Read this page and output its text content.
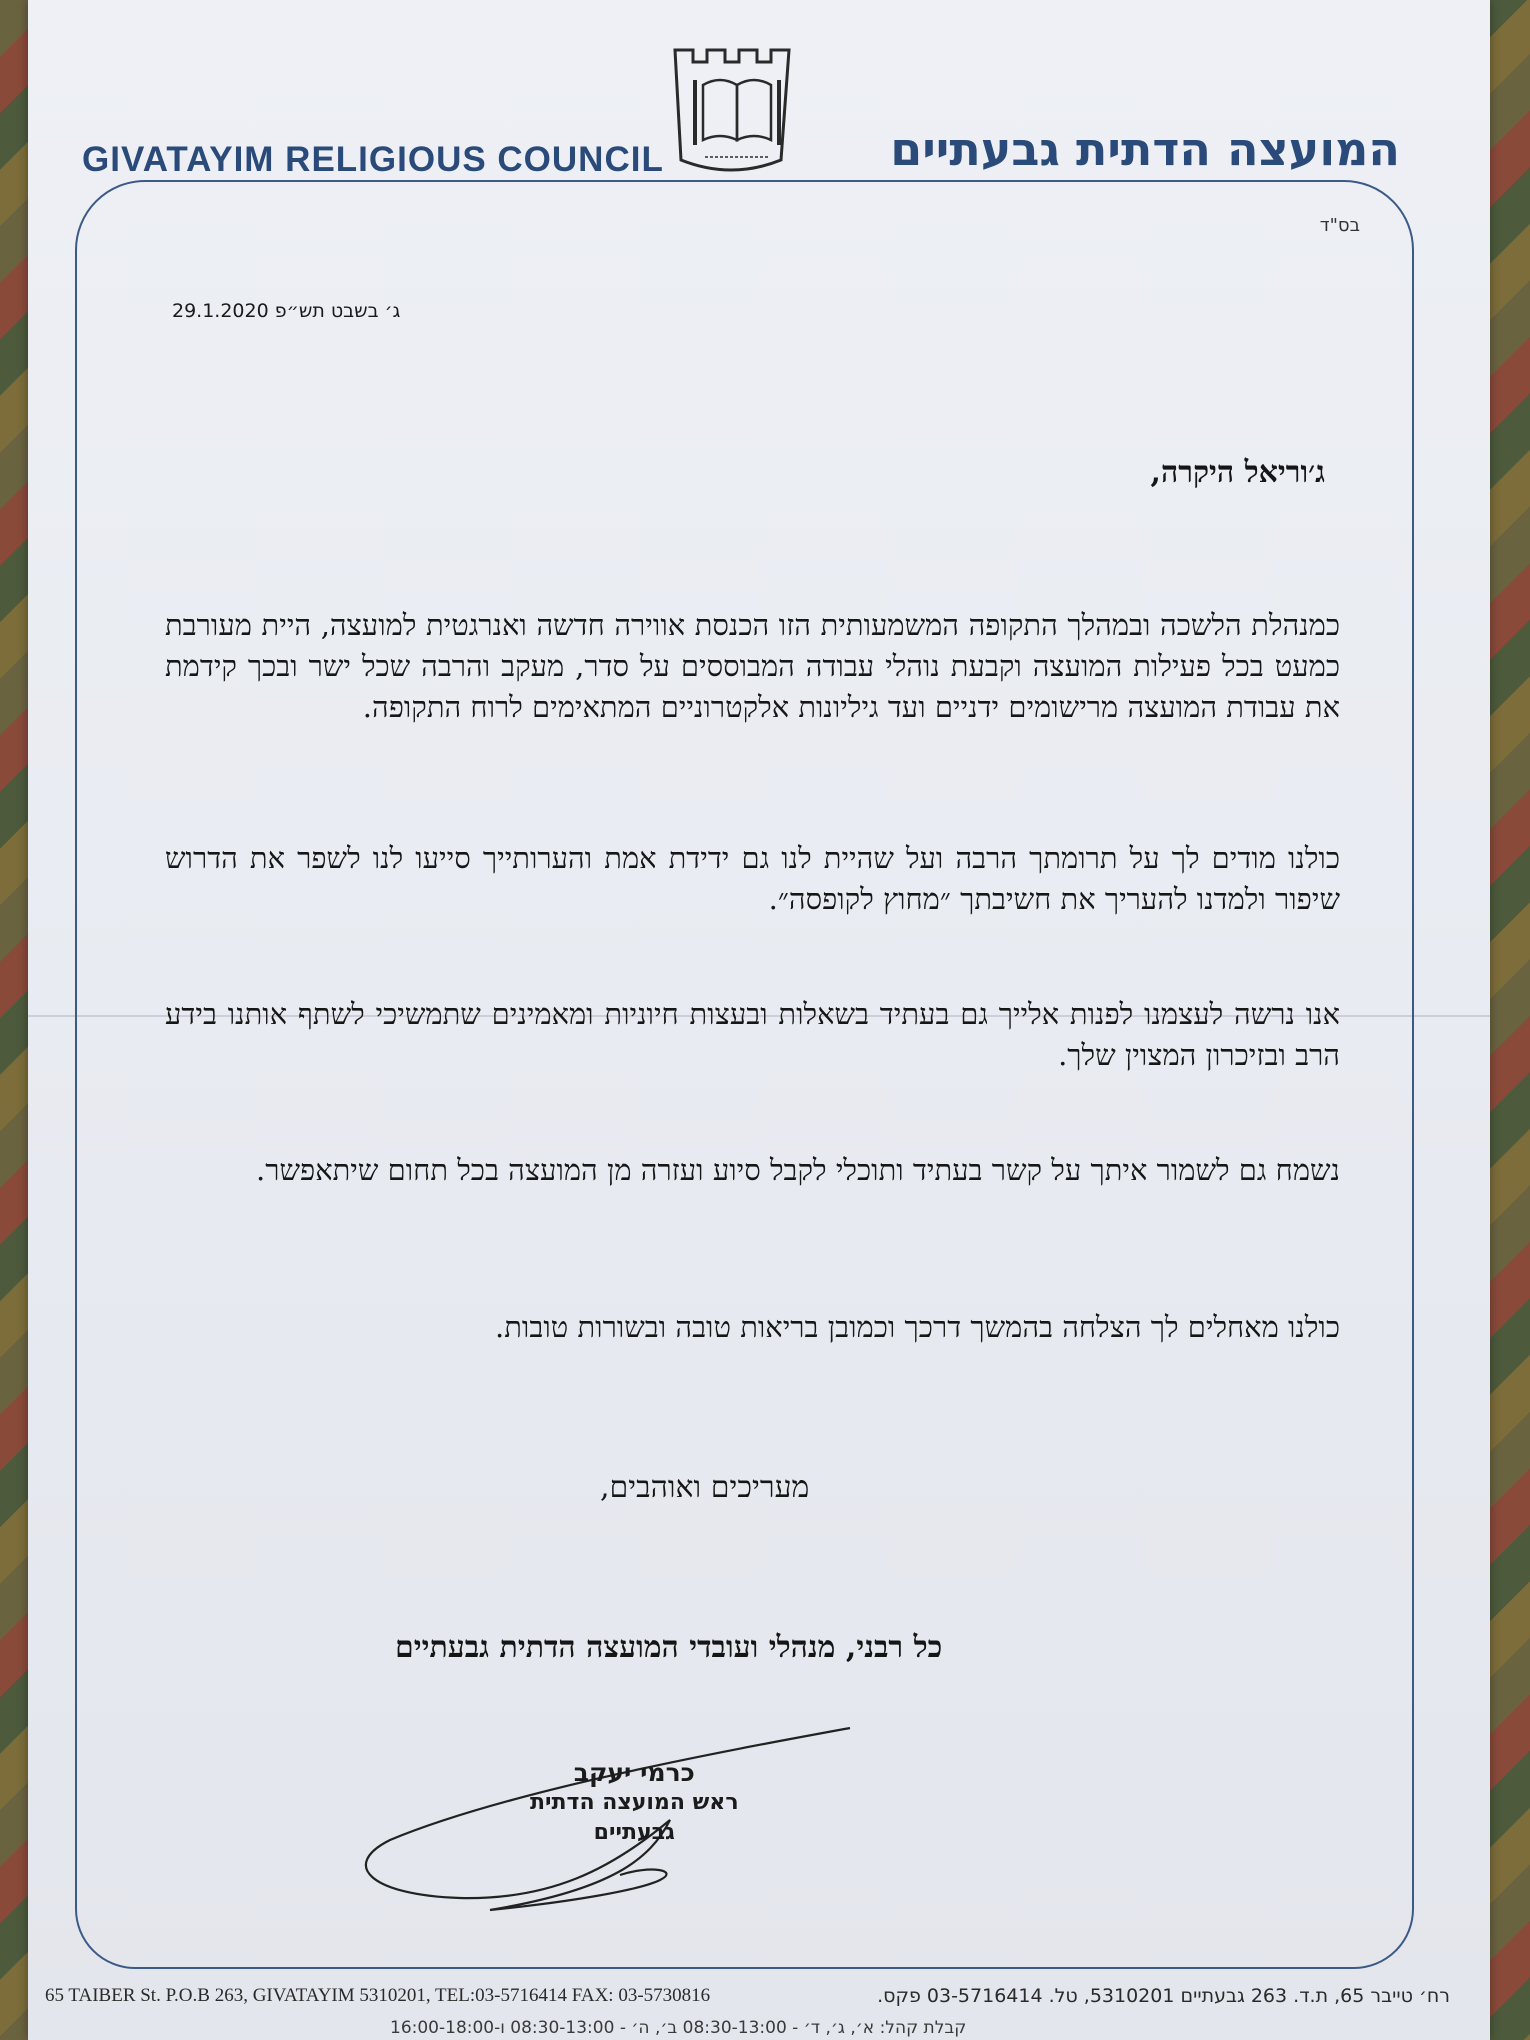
GIVATAYIM RELIGIOUS COUNCIL	המועצה הדתית גבעתיים
בס"ד
ג׳ בשבט תש״פ 29.1.2020
ג׳וריאל היקרה,
כמנהלת הלשכה ובמהלך התקופה המשמעותית הזו הכנסת אווירה חדשה ואנרגטית למועצה, היית מעורבת כמעט בכל פעילות המועצה וקבעת נוהלי עבודה המבוססים על סדר, מעקב והרבה שכל ישר ובכך קידמת את עבודת המועצה מרישומים ידניים ועד גיליונות אלקטרוניים המתאימים לרוח התקופה.
כולנו מודים לך על תרומתך הרבה ועל שהיית לנו גם ידידת אמת והערותייך סייעו לנו לשפר את הדרוש שיפור ולמדנו להעריך את חשיבתך ״מחוץ לקופסה״.
אנו נרשה לעצמנו לפנות אלייך גם בעתיד בשאלות ובעצות חיוניות ומאמינים שתמשיכי לשתף אותנו בידע הרב ובזיכרון המצוין שלך.
נשמח גם לשמור איתך על קשר בעתיד ותוכלי לקבל סיוע ועזרה מן המועצה בכל תחום שיתאפשר.
כולנו מאחלים לך הצלחה בהמשך דרכך וכמובן בריאות טובה ובשורות טובות.
מעריכים ואוהבים,
כל רבני, מנהלי ועובדי המועצה הדתית גבעתיים
כרמי יעקב
ראש המועצה הדתית
גבעתיים
65 TAIBER St. P.O.B 263, GIVATAYIM 5310201, TEL:03-5716414 FAX: 03-5730816	רח׳ טייבר 65, ת.ד. 263 גבעתיים 5310201, טל. 03-5716414 פקס.
קבלת קהל: א׳, ג׳, ד׳ - 08:30-13:00 ב׳, ה׳ - 08:30-13:00 ו-16:00-18:00
